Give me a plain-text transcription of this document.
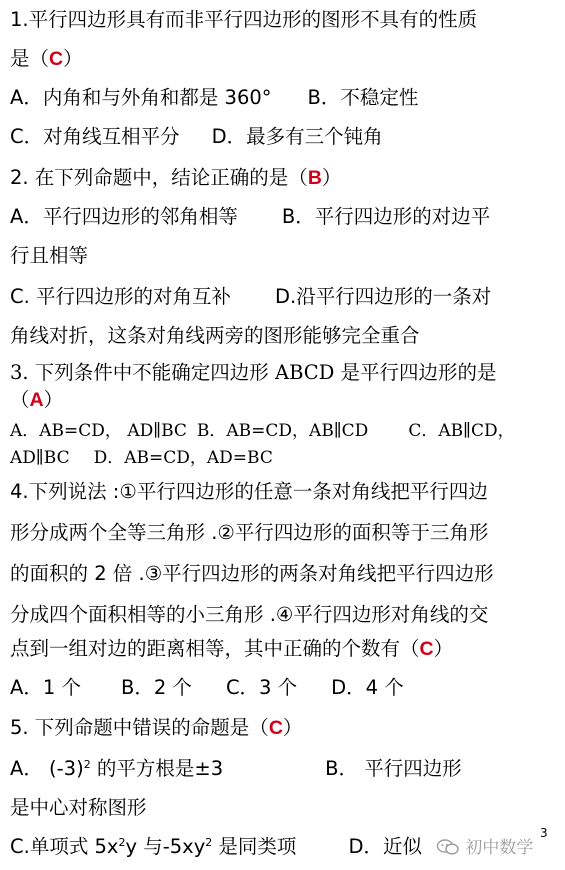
1.平行四边形具有而非平行四边形的图形不具有的性质
是（C）
A．内角和与外角和都是 360° B．不稳定性
C．对角线互相平分 D．最多有三个钝角
2. 在下列命题中，结论正确的是（B）
A．平行四边形的邻角相等 B．平行四边形的对边平
行且相等
C. 平行四边形的对角互补 D.沿平行四边形的一条对
角线对折，这条对角线两旁的图形能够完全重合
3. 下列条件中不能确定四边形 ABCD 是平行四边形的是
（A）
A．AB=CD， AD∥BC B．AB=CD，AB∥CD C．AB∥CD，
AD∥BC D．AB=CD，AD=BC
4.下列说法 :①平行四边形的任意一条对角线把平行四边
形分成两个全等三角形 .②平行四边形的面积等于三角形
的面积的 2 倍 .③平行四边形的两条对角线把平行四边形
分成四个面积相等的小三角形 .④平行四边形对角线的交
点到一组对边的距离相等，其中正确的个数有（C）
A．1 个 B．2 个 C．3 个 D．4 个
5. 下列命题中错误的命题是（C）
A． $(-3)^2$ 的平方根是±3	B． 平行四边形
是中心对称图形
C.单项式 $5x^2y$ 与$-5xy^2$ 是同类项	D．近似	初中数学
3
